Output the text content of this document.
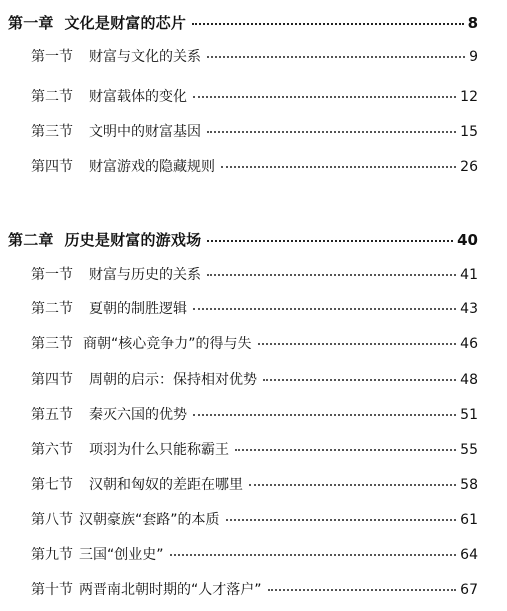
第一章 文化是财富的芯片	8
第一节 财富与文化的关系	9
第二节 财富载体的变化	12
第三节 文明中的财富基因	15
第四节 财富游戏的隐藏规则	26
第二章 历史是财富的游戏场	40
第一节 财富与历史的关系	41
第二节 夏朝的制胜逻辑	43
第三节 商朝“核心竞争力”的得与失	46
第四节 周朝的启示：保持相对优势	48
第五节 秦灭六国的优势	51
第六节 项羽为什么只能称霸王	55
第七节 汉朝和匈奴的差距在哪里	58
第八节 汉朝豪族“套路”的本质	61
第九节 三国“创业史”	64
第十节 两晋南北朝时期的“人才落户”	67
